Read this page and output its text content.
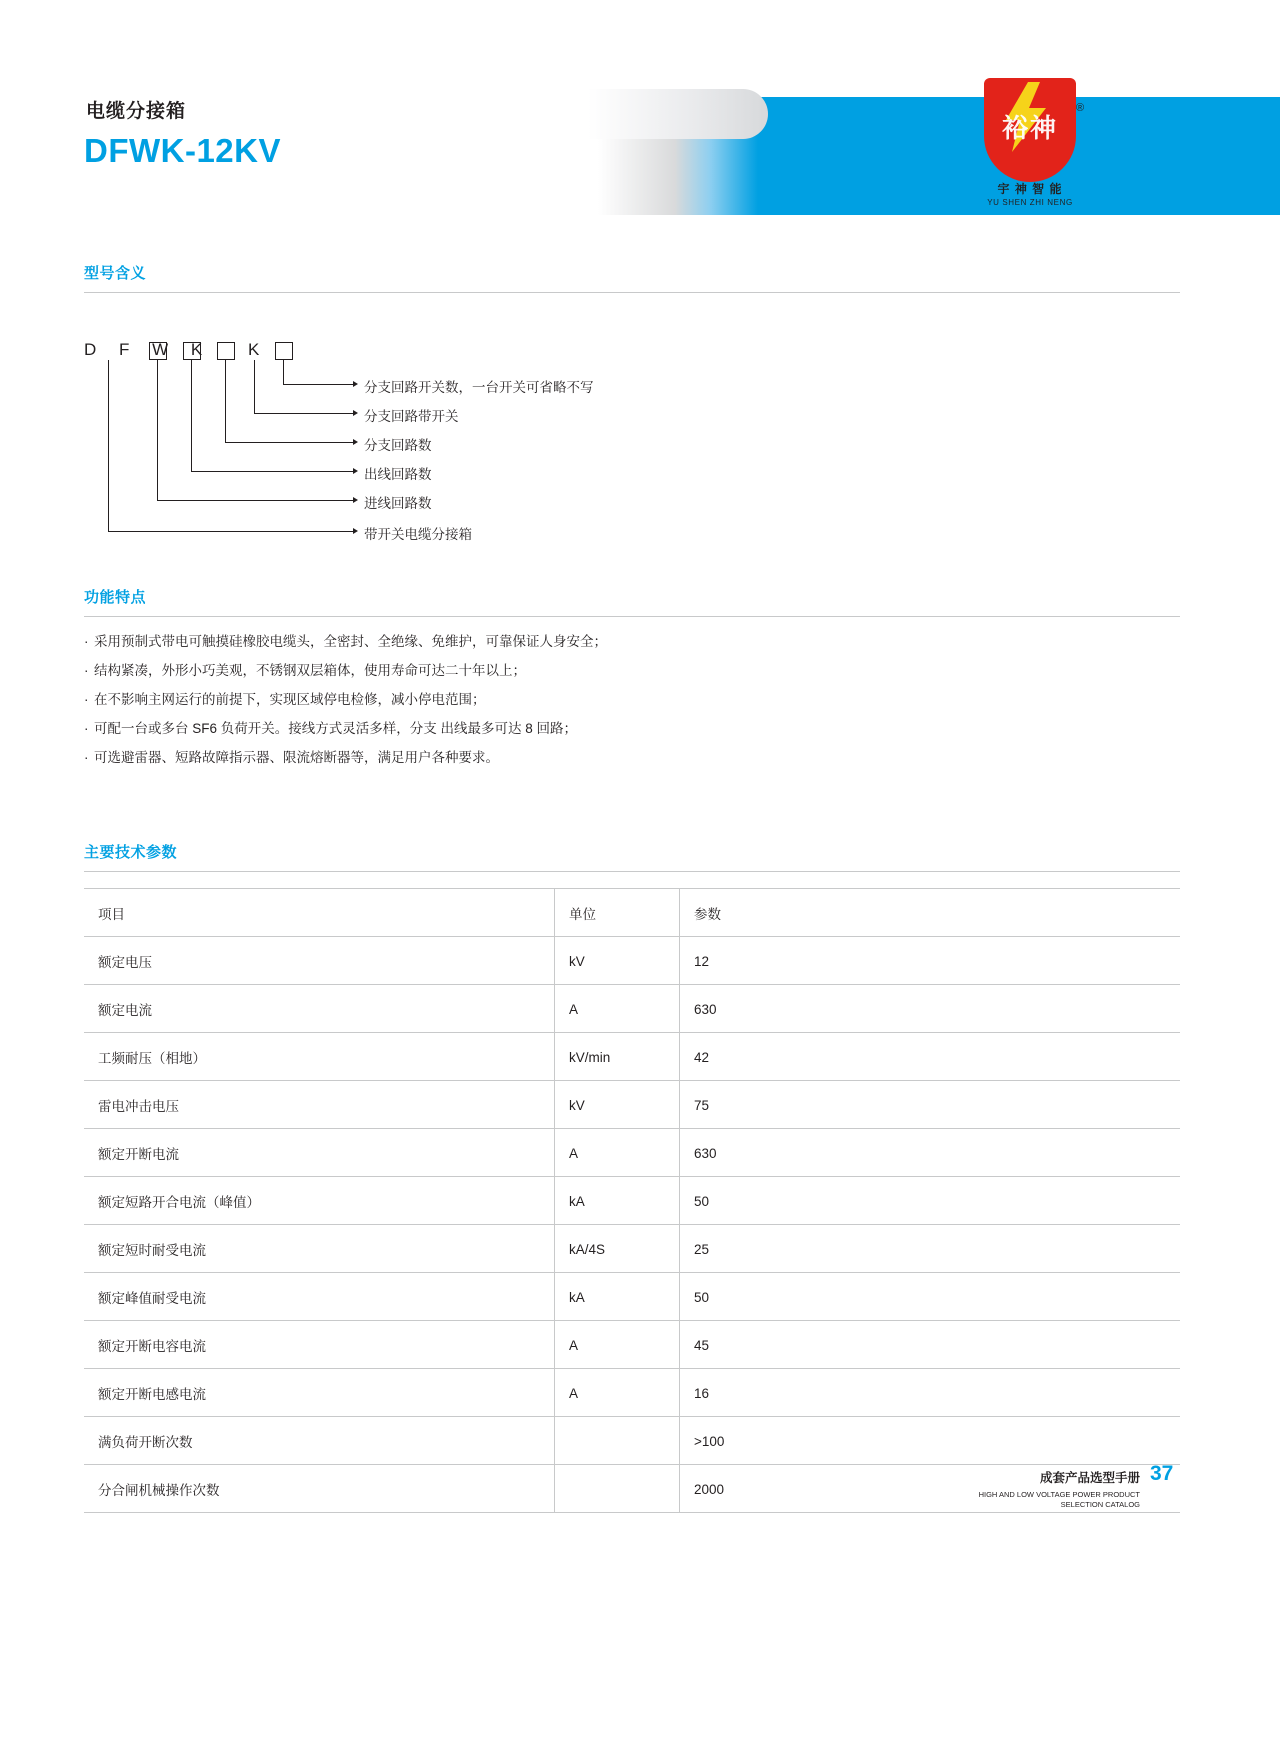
电缆分接箱
DFWK-12KV
裕神
®
宇 神 智 能
YU SHEN ZHI NENG
型号含义
D F W K K
分支回路开关数，一台开关可省略不写
分支回路带开关
分支回路数
出线回路数
进线回路数
带开关电缆分接箱
功能特点
· 采用预制式带电可触摸硅橡胶电缆头，全密封、全绝缘、免维护，可靠保证人身安全；
· 结构紧凑，外形小巧美观，不锈钢双层箱体，使用寿命可达二十年以上；
· 在不影响主网运行的前提下，实现区域停电检修，减小停电范围；
· 可配一台或多台 SF6 负荷开关。接线方式灵活多样，分支 出线最多可达 8 回路；
· 可选避雷器、短路故障指示器、限流熔断器等，满足用户各种要求。
主要技术参数
项目	单位	参数
额定电压	kV	12
额定电流	A	630
工频耐压（相地）	kV/min	42
雷电冲击电压	kV	75
额定开断电流	A	630
额定短路开合电流（峰值）	kA	50
额定短时耐受电流	kA/4S	25
额定峰值耐受电流	kA	50
额定开断电容电流	A	45
额定开断电感电流	A	16
满负荷开断次数		>100
分合闸机械操作次数		2000
成套产品选型手册
HIGH AND LOW VOLTAGE POWER PRODUCT
SELECTION CATALOG
37
